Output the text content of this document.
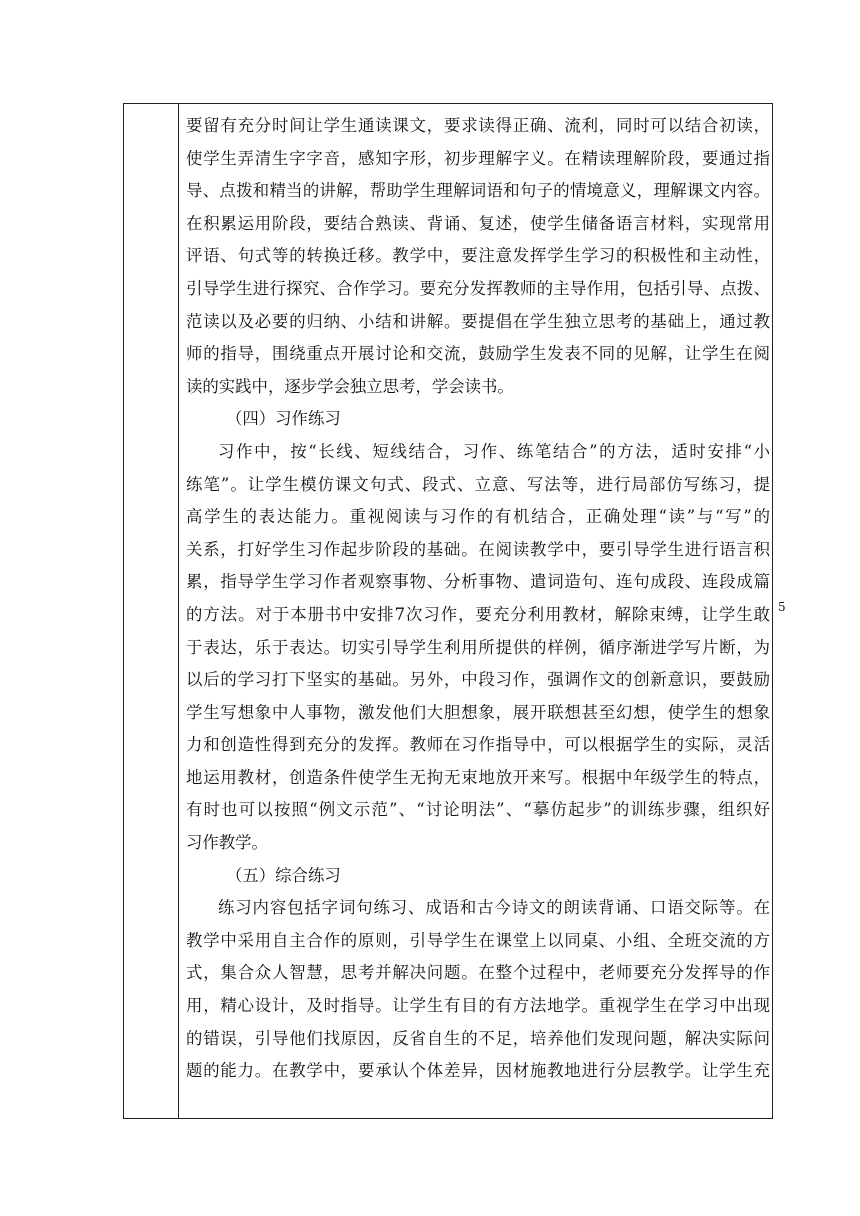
要留有充分时间让学生通读课文，要求读得正确、流利，同时可以结合初读，
使学生弄清生字字音，感知字形，初步理解字义。在精读理解阶段，要通过指
导、点拨和精当的讲解，帮助学生理解词语和句子的情境意义，理解课文内容。
在积累运用阶段，要结合熟读、背诵、复述，使学生储备语言材料，实现常用
评语、句式等的转换迁移。教学中，要注意发挥学生学习的积极性和主动性，
引导学生进行探究、合作学习。要充分发挥教师的主导作用，包括引导、点拨、
范读以及必要的归纳、小结和讲解。要提倡在学生独立思考的基础上，通过教
师的指导，围绕重点开展讨论和交流，鼓励学生发表不同的见解，让学生在阅
读的实践中，逐步学会独立思考，学会读书。
（四）习作练习
习作中，按“长线、短线结合，习作、练笔结合”的方法，适时安排“小
练笔”。让学生模仿课文句式、段式、立意、写法等，进行局部仿写练习，提
高学生的表达能力。重视阅读与习作的有机结合，正确处理“读”与“写”的
关系，打好学生习作起步阶段的基础。在阅读教学中，要引导学生进行语言积
累，指导学生学习作者观察事物、分析事物、遣词造句、连句成段、连段成篇
的方法。对于本册书中安排7次习作，要充分利用教材，解除束缚，让学生敢
于表达，乐于表达。切实引导学生利用所提供的样例，循序渐进学写片断，为
以后的学习打下坚实的基础。另外，中段习作，强调作文的创新意识，要鼓励
学生写想象中人事物，激发他们大胆想象，展开联想甚至幻想，使学生的想象
力和创造性得到充分的发挥。教师在习作指导中，可以根据学生的实际，灵活
地运用教材，创造条件使学生无拘无束地放开来写。根据中年级学生的特点，
有时也可以按照“例文示范”、“讨论明法”、“摹仿起步”的训练步骤，组织好
习作教学。
（五）综合练习
练习内容包括字词句练习、成语和古今诗文的朗读背诵、口语交际等。在
教学中采用自主合作的原则，引导学生在课堂上以同桌、小组、全班交流的方
式，集合众人智慧，思考并解决问题。在整个过程中，老师要充分发挥导的作
用，精心设计，及时指导。让学生有目的有方法地学。重视学生在学习中出现
的错误，引导他们找原因，反省自生的不足，培养他们发现问题，解决实际问
题的能力。在教学中，要承认个体差异，因材施教地进行分层教学。让学生充
5
